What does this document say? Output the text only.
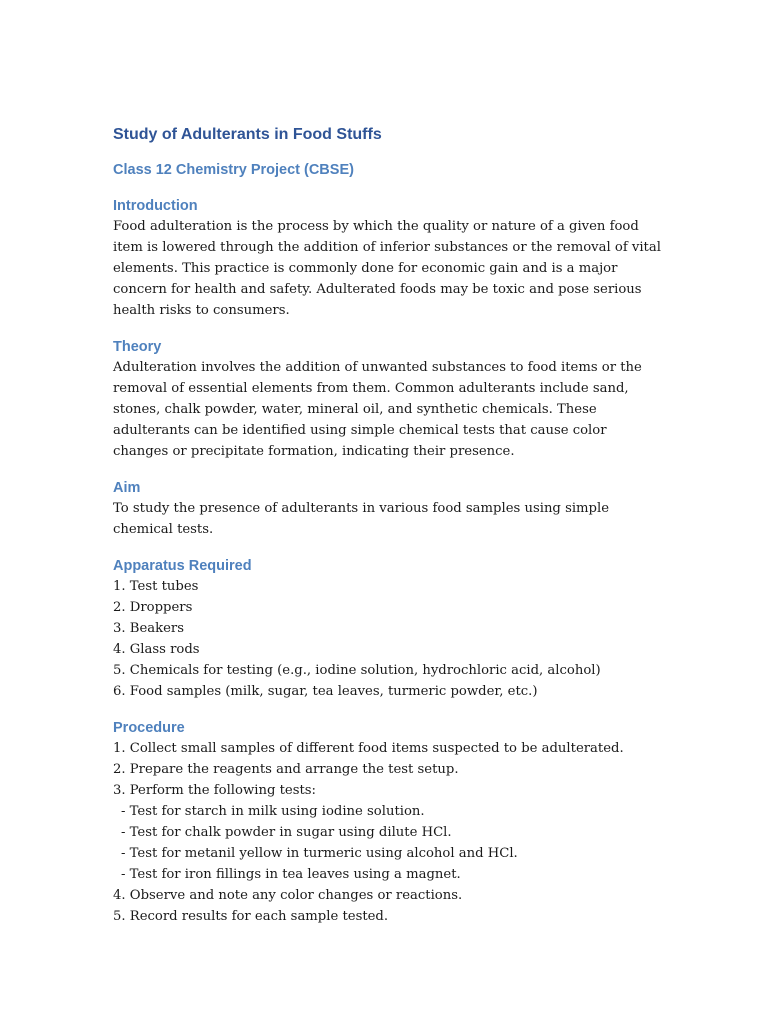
Study of Adulterants in Food Stuffs
Class 12 Chemistry Project (CBSE)
Introduction

Food adulteration is the process by which the quality or nature of a given food item is lowered through the addition of inferior substances or the removal of vital elements. This practice is commonly done for economic gain and is a major concern for health and safety. Adulterated foods may be toxic and pose serious health risks to consumers.

Theory

Adulteration involves the addition of unwanted substances to food items or the removal of essential elements from them. Common adulterants include sand, stones, chalk powder, water, mineral oil, and synthetic chemicals. These adulterants can be identified using simple chemical tests that cause color changes or precipitate formation, indicating their presence.

Aim

To study the presence of adulterants in various food samples using simple chemical tests.

Apparatus Required
1. Test tubes
2. Droppers
3. Beakers
4. Glass rods
5. Chemicals for testing (e.g., iodine solution, hydrochloric acid, alcohol)
6. Food samples (milk, sugar, tea leaves, turmeric powder, etc.)
Procedure
1. Collect small samples of different food items suspected to be adulterated.
2. Prepare the reagents and arrange the test setup.
3. Perform the following tests:
- Test for starch in milk using iodine solution.
- Test for chalk powder in sugar using dilute HCl.
- Test for metanil yellow in turmeric using alcohol and HCl.
- Test for iron fillings in tea leaves using a magnet.
4. Observe and note any color changes or reactions.
5. Record results for each sample tested.
